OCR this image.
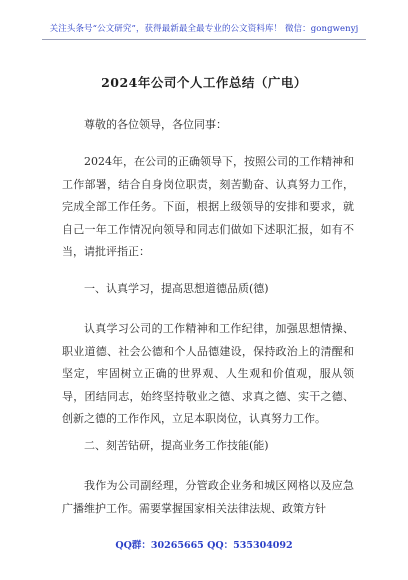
关注头条号“公文研究”，获得最新最全最专业的公文资料库！ 微信：gongwenyj
2024年公司个人工作总结（广电）

尊敬的各位领导，各位同事：

2024年，在公司的正确领导下，按照公司的工作精神和工作部署，结合自身岗位职责，刻苦勤奋、认真努力工作，完成全部工作任务。下面，根据上级领导的安排和要求，就自己一年工作情况向领导和同志们做如下述职汇报，如有不当，请批评指正：

一、认真学习，提高思想道德品质(德)

认真学习公司的工作精神和工作纪律，加强思想情操、职业道德、社会公德和个人品德建设，保持政治上的清醒和坚定，牢固树立正确的世界观、人生观和价值观，服从领导，团结同志，始终坚持敬业之德、求真之德、实干之德、创新之德的工作作风，立足本职岗位，认真努力工作。

二、刻苦钻研，提高业务工作技能(能)

我作为公司副经理，分管政企业务和城区网格以及应急广播维护工作。需要掌握国家相关法律法规、政策方针

QQ群：30265665 QQ：535304092
